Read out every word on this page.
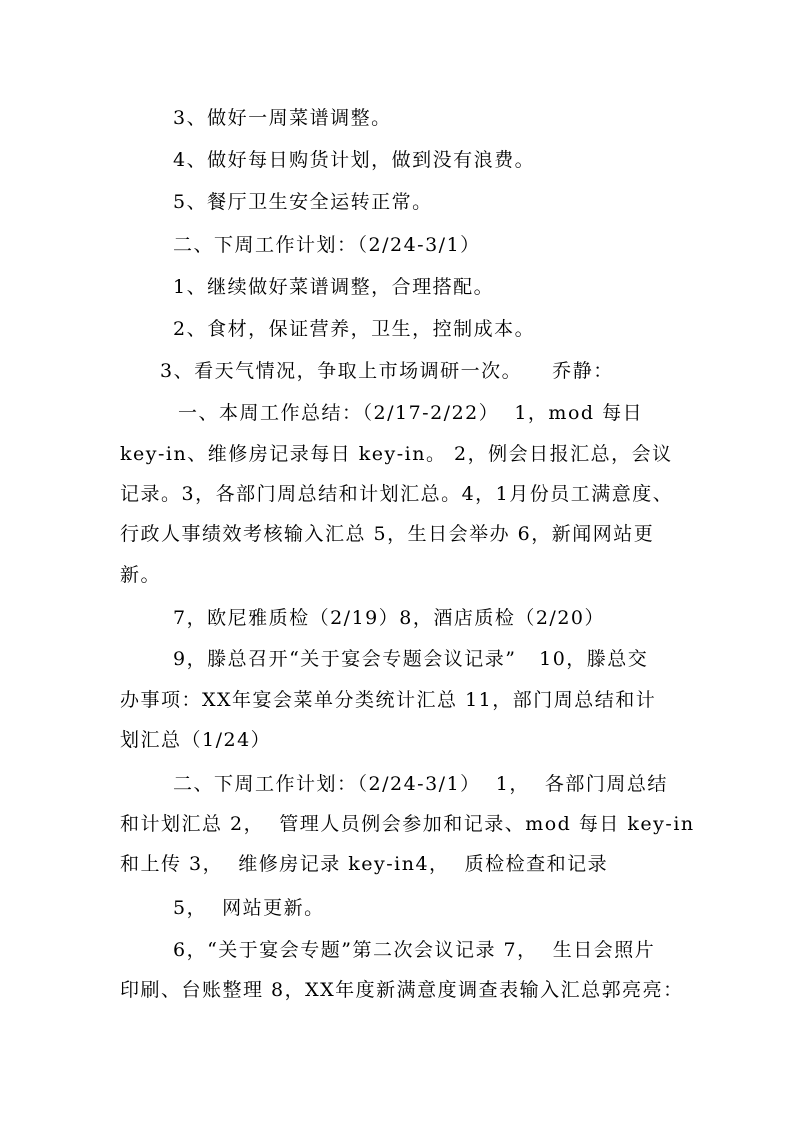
3、做好一周菜谱调整。
4、做好每日购货计划，做到没有浪费。
5、餐厅卫生安全运转正常。
二、下周工作计划：（2/24-3/1）
1、继续做好菜谱调整，合理搭配。
2、食材，保证营养，卫生，控制成本。
3、看天气情况，争取上市场调研一次。    乔静：
一、本周工作总结：（2/17-2/22）  1，mod 每日
key-in、维修房记录每日 key-in。 2，例会日报汇总，会议
记录。3，各部门周总结和计划汇总。4，1月份员工满意度、
行政人事绩效考核输入汇总 5，生日会举办 6，新闻网站更
新。
7，欧尼雅质检（2/19）8，酒店质检（2/20）
9，滕总召开“关于宴会专题会议记录”   10，滕总交
办事项：XX年宴会菜单分类统计汇总 11，部门周总结和计
划汇总（1/24）
二、下周工作计划：（2/24-3/1）  1，  各部门周总结
和计划汇总 2，  管理人员例会参加和记录、mod 每日 key-in
和上传 3，  维修房记录 key-in4，  质检检查和记录
5，  网站更新。
6，“关于宴会专题”第二次会议记录 7，  生日会照片
印刷、台账整理 8，XX年度新满意度调查表输入汇总郭亮亮：
